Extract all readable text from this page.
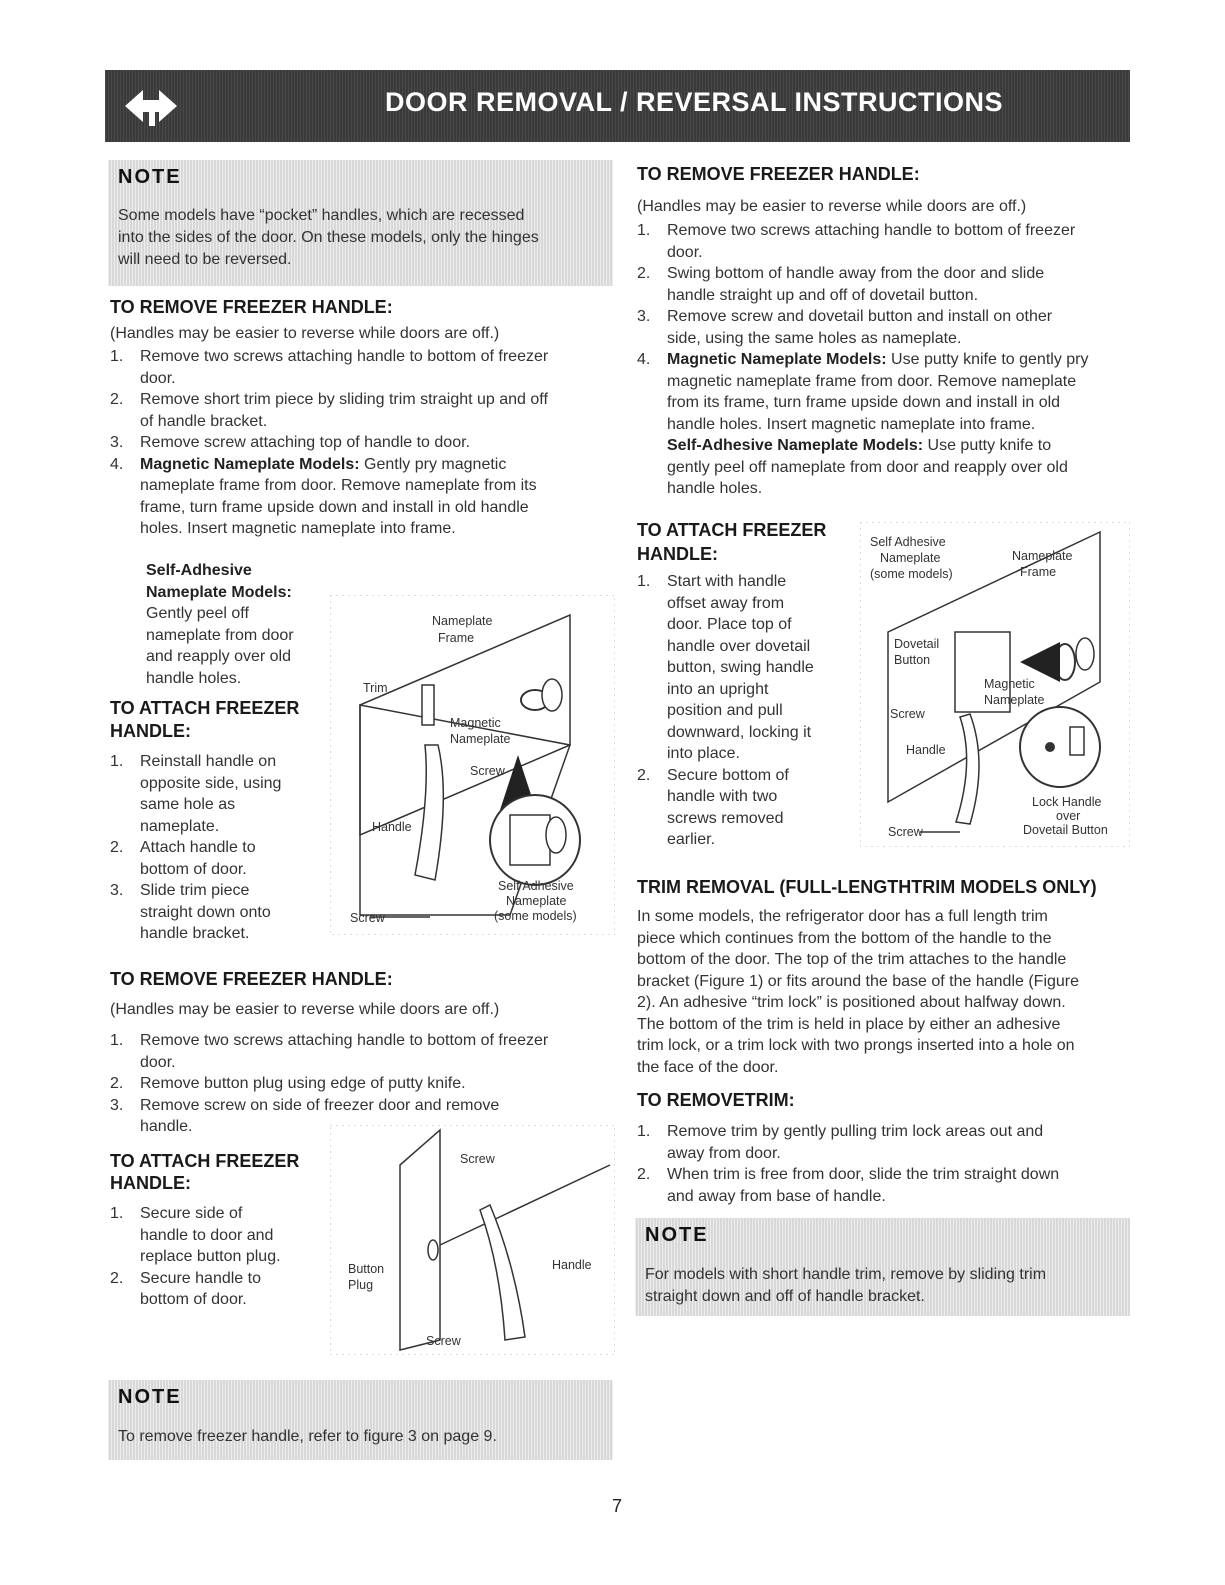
DOOR REMOVAL / REVERSAL INSTRUCTIONS
NOTE
Some models have “pocket” handles, which are recessed
into the sides of the door. On these models, only the hinges
will need to be reversed.
TO REMOVE FREEZER HANDLE:

(Handles may be easier to reverse while doors are off.)

1. Remove two screws attaching handle to bottom of freezer
door.
2. Remove short trim piece by sliding trim straight up and off
of handle bracket.
3. Remove screw attaching top of handle to door.
4. Magnetic Nameplate Models: Gently pry magnetic
nameplate frame from door. Remove nameplate from its
frame, turn frame upside down and install in old handle
holes. Insert magnetic nameplate into frame.
Self-Adhesive
Nameplate Models:
Gently peel off
nameplate from door
and reapply over old
handle holes.
TO ATTACH FREEZER
HANDLE:
1. Reinstall handle on
opposite side, using
same hole as
nameplate.
2. Attach handle to
bottom of door.
3. Slide trim piece
straight down onto
handle bracket.
Nameplate
Frame
Trim
Magnetic
Nameplate
Screw
Handle
Self Adhesive
Nameplate
(some models)
Screw
TO REMOVE FREEZER HANDLE:

(Handles may be easier to reverse while doors are off.)

1. Remove two screws attaching handle to bottom of freezer
door.
2. Remove button plug using edge of putty knife.
3. Remove screw on side of freezer door and remove
handle.
TO ATTACH FREEZER
HANDLE:
1. Secure side of
handle to door and
replace button plug.
2. Secure handle to
bottom of door.
Screw
Button
Plug
Handle
Screw
NOTE
To remove freezer handle, refer to figure 3 on page 9.
TO REMOVE FREEZER HANDLE:

(Handles may be easier to reverse while doors are off.)

1. Remove two screws attaching handle to bottom of freezer
door.
2. Swing bottom of handle away from the door and slide
handle straight up and off of dovetail button.
3. Remove screw and dovetail button and install on other
side, using the same holes as nameplate.
4. Magnetic Nameplate Models: Use putty knife to gently pry
magnetic nameplate frame from door. Remove nameplate
from its frame, turn frame upside down and install in old
handle holes. Insert magnetic nameplate into frame.
Self-Adhesive Nameplate Models: Use putty knife to
gently peel off nameplate from door and reapply over old
handle holes.
TO ATTACH FREEZER
HANDLE:
1. Start with handle
offset away from
door. Place top of
handle over dovetail
button, swing handle
into an upright
position and pull
downward, locking it
into place.
2. Secure bottom of
handle with two
screws removed
earlier.
Self Adhesive
Nameplate
(some models)
Nameplate
Frame
Dovetail
Button
Magnetic
Nameplate
Screw
Handle
Lock Handle
over
Dovetail Button
Screw
TRIM REMOVAL (FULL-LENGTHTRIM MODELS ONLY)
In some models, the refrigerator door has a full length trim
piece which continues from the bottom of the handle to the
bottom of the door. The top of the trim attaches to the handle
bracket (Figure 1) or fits around the base of the handle (Figure
2). An adhesive “trim lock” is positioned about halfway down.
The bottom of the trim is held in place by either an adhesive
trim lock, or a trim lock with two prongs inserted into a hole on
the face of the door.
TO REMOVETRIM:
1. Remove trim by gently pulling trim lock areas out and
away from door.
2. When trim is free from door, slide the trim straight down
and away from base of handle.
NOTE
For models with short handle trim, remove by sliding trim
straight down and off of handle bracket.
7
